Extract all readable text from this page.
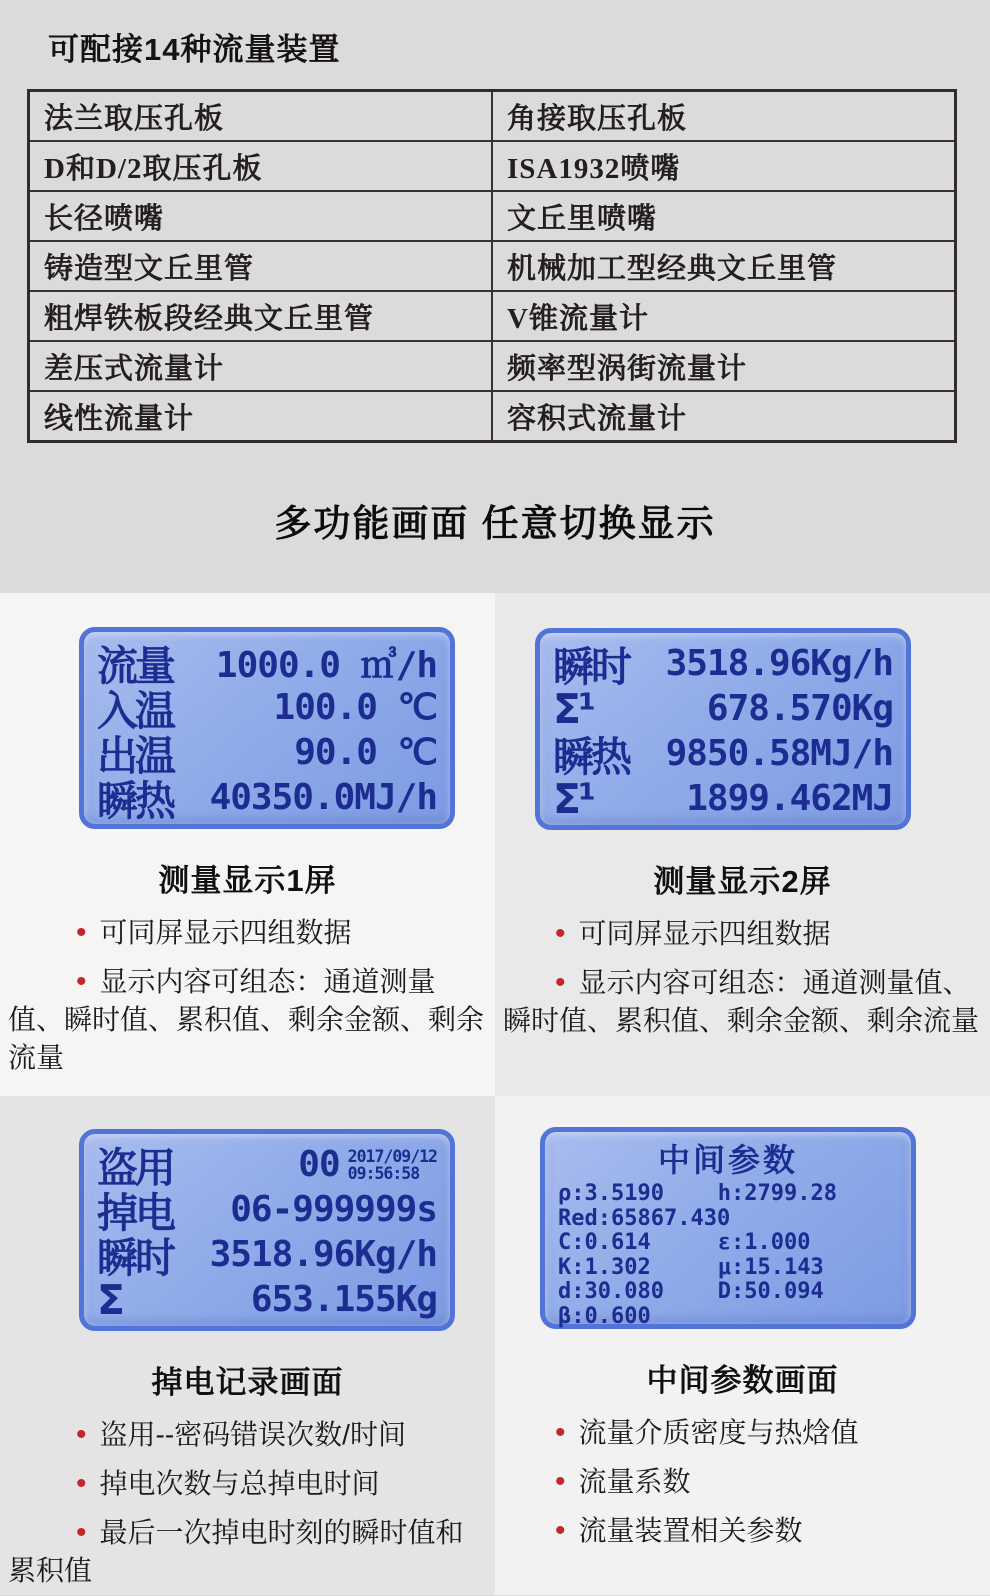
可配接14种流量装置
法兰取压孔板	角接取压孔板
D和D/2取压孔板	ISA1932喷嘴
长径喷嘴	文丘里喷嘴
铸造型文丘里管	机械加工型经典文丘里管
粗焊铁板段经典文丘里管	V锥流量计
差压式流量计	频率型涡街流量计
线性流量计	容积式流量计
多功能画面 任意切换显示
流量	1000.0 ㎥/h
入温	100.0 ℃
出温	90.0 ℃
瞬热	40350.0MJ/h
测量显示1屏
• 可同屏显示四组数据
• 显示内容可组态：通道测量值、瞬时值、累积值、剩余金额、剩余流量
瞬时	3518.96Kg/h
Σ¹	678.570Kg
瞬热	9850.58MJ/h
Σ¹	1899.462MJ
测量显示2屏
• 可同屏显示四组数据
• 显示内容可组态：通道测量值、瞬时值、累积值、剩余金额、剩余流量
盗用	00 2017/09/12
09:56:58
掉电	06-999999s
瞬时	3518.96Kg/h
Σ	653.155Kg
掉电记录画面
• 盗用--密码错误次数/时间
• 掉电次数与总掉电时间
• 最后一次掉电时刻的瞬时值和累积值
中间参数
ρ:3.5190	h:2799.28
Red:65867.430
C:0.614	ε:1.000
K:1.302	μ:15.143
d:30.080	D:50.094
β:0.600
中间参数画面
• 流量介质密度与热焓值
• 流量系数
• 流量装置相关参数
